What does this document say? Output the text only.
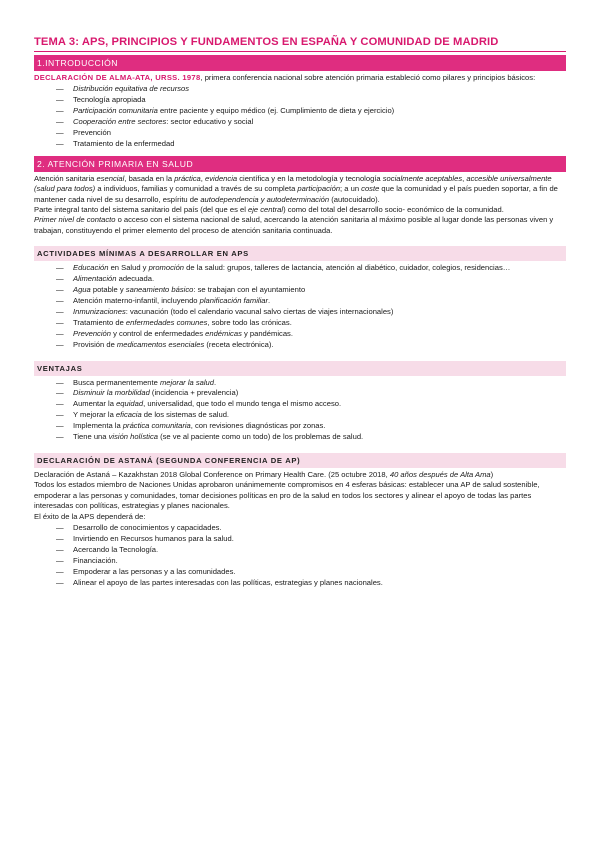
TEMA 3: APS, PRINCIPIOS Y FUNDAMENTOS EN ESPAÑA Y COMUNIDAD DE MADRID
1.INTRODUCCIÓN

DECLARACIÓN DE ALMA-ATA, URSS. 1978, primera conferencia nacional sobre atención primaria estableció como pilares y principios básicos:

— Distribución equitativa de recursos
— Tecnología apropiada
— Participación comunitaria entre paciente y equipo médico (ej. Cumplimiento de dieta y ejercicio)
— Cooperación entre sectores: sector educativo y social
— Prevención
— Tratamiento de la enfermedad
2. ATENCIÓN PRIMARIA EN SALUD

Atención sanitaria esencial, basada en la práctica, evidencia científica y en la metodología y tecnología socialmente aceptables, accesible universalmente (salud para todos) a individuos, familias y comunidad a través de su completa participación; a un coste que la comunidad y el país pueden soportar, a fin de mantener cada nivel de su desarrollo, espíritu de autodependencia y autodeterminación (autocuidado).

Parte integral tanto del sistema sanitario del país (del que es el eje central) como del total del desarrollo socio- económico de la comunidad.

Primer nivel de contacto o acceso con el sistema nacional de salud, acercando la atención sanitaria al máximo posible al lugar donde las personas viven y trabajan, constituyendo el primer elemento del proceso de atención sanitaria continuada.

ACTIVIDADES MÍNIMAS A DESARROLLAR EN APS
— Educación en Salud y promoción de la salud: grupos, talleres de lactancia, atención al diabético, cuidador, colegios, residencias…
— Alimentación adecuada.
— Agua potable y saneamiento básico: se trabajan con el ayuntamiento
— Atención materno-infantil, incluyendo planificación familiar.
— Inmunizaciones: vacunación (todo el calendario vacunal salvo ciertas de viajes internacionales)
— Tratamiento de enfermedades comunes, sobre todo las crónicas.
— Prevención y control de enfermedades endémicas y pandémicas.
— Provisión de medicamentos esenciales (receta electrónica).
VENTAJAS
— Busca permanentemente mejorar la salud.
— Disminuir la morbilidad (incidencia + prevalencia)
— Aumentar la equidad, universalidad, que todo el mundo tenga el mismo acceso.
— Y mejorar la eficacia de los sistemas de salud.
— Implementa la práctica comunitaria, con revisiones diagnósticas por zonas.
— Tiene una visión holística (se ve al paciente como un todo) de los problemas de salud.
DECLARACIÓN DE ASTANÁ (SEGUNDA CONFERENCIA DE AP)

Declaración de Astaná – Kazakhstan 2018 Global Conference on Primary Health Care. (25 octubre 2018, 40 años después de Alta Ama)

Todos los estados miembro de Naciones Unidas aprobaron unánimemente compromisos en 4 esferas básicas: establecer una AP de salud sostenible, empoderar a las personas y comunidades, tomar decisiones políticas en pro de la salud en todos los sectores y alinear el apoyo de todas las partes interesadas con políticas, estrategias y planes nacionales.

El éxito de la APS dependerá de:

— Desarrollo de conocimientos y capacidades.
— Invirtiendo en Recursos humanos para la salud.
— Acercando la Tecnología.
— Financiación.
— Empoderar a las personas y a las comunidades.
— Alinear el apoyo de las partes interesadas con las políticas, estrategias y planes nacionales.
